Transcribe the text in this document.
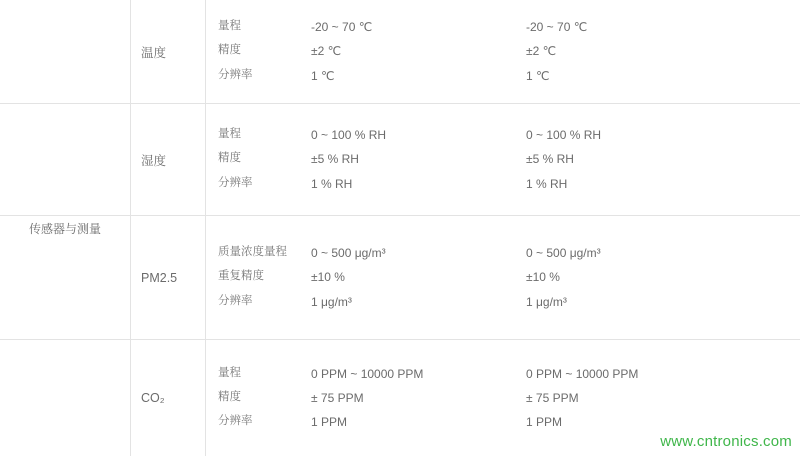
传感器与测量
温度
量程	-20 ~ 70 ℃	-20 ~ 70 ℃
精度	±2 ℃	±2 ℃
分辨率	1 ℃	1 ℃
湿度
量程	0 ~ 100 % RH	0 ~ 100 % RH
精度	±5 % RH	±5 % RH
分辨率	1 % RH	1 % RH
PM2.5
质量浓度量程	0 ~ 500 μg/m³	0 ~ 500 μg/m³
重复精度	±10 %	±10 %
分辨率	1 μg/m³	1 μg/m³
CO₂
量程	0 PPM ~ 10000 PPM	0 PPM ~ 10000 PPM
精度	± 75 PPM	± 75 PPM
分辨率	1 PPM	1 PPM
www.cntronics.com
